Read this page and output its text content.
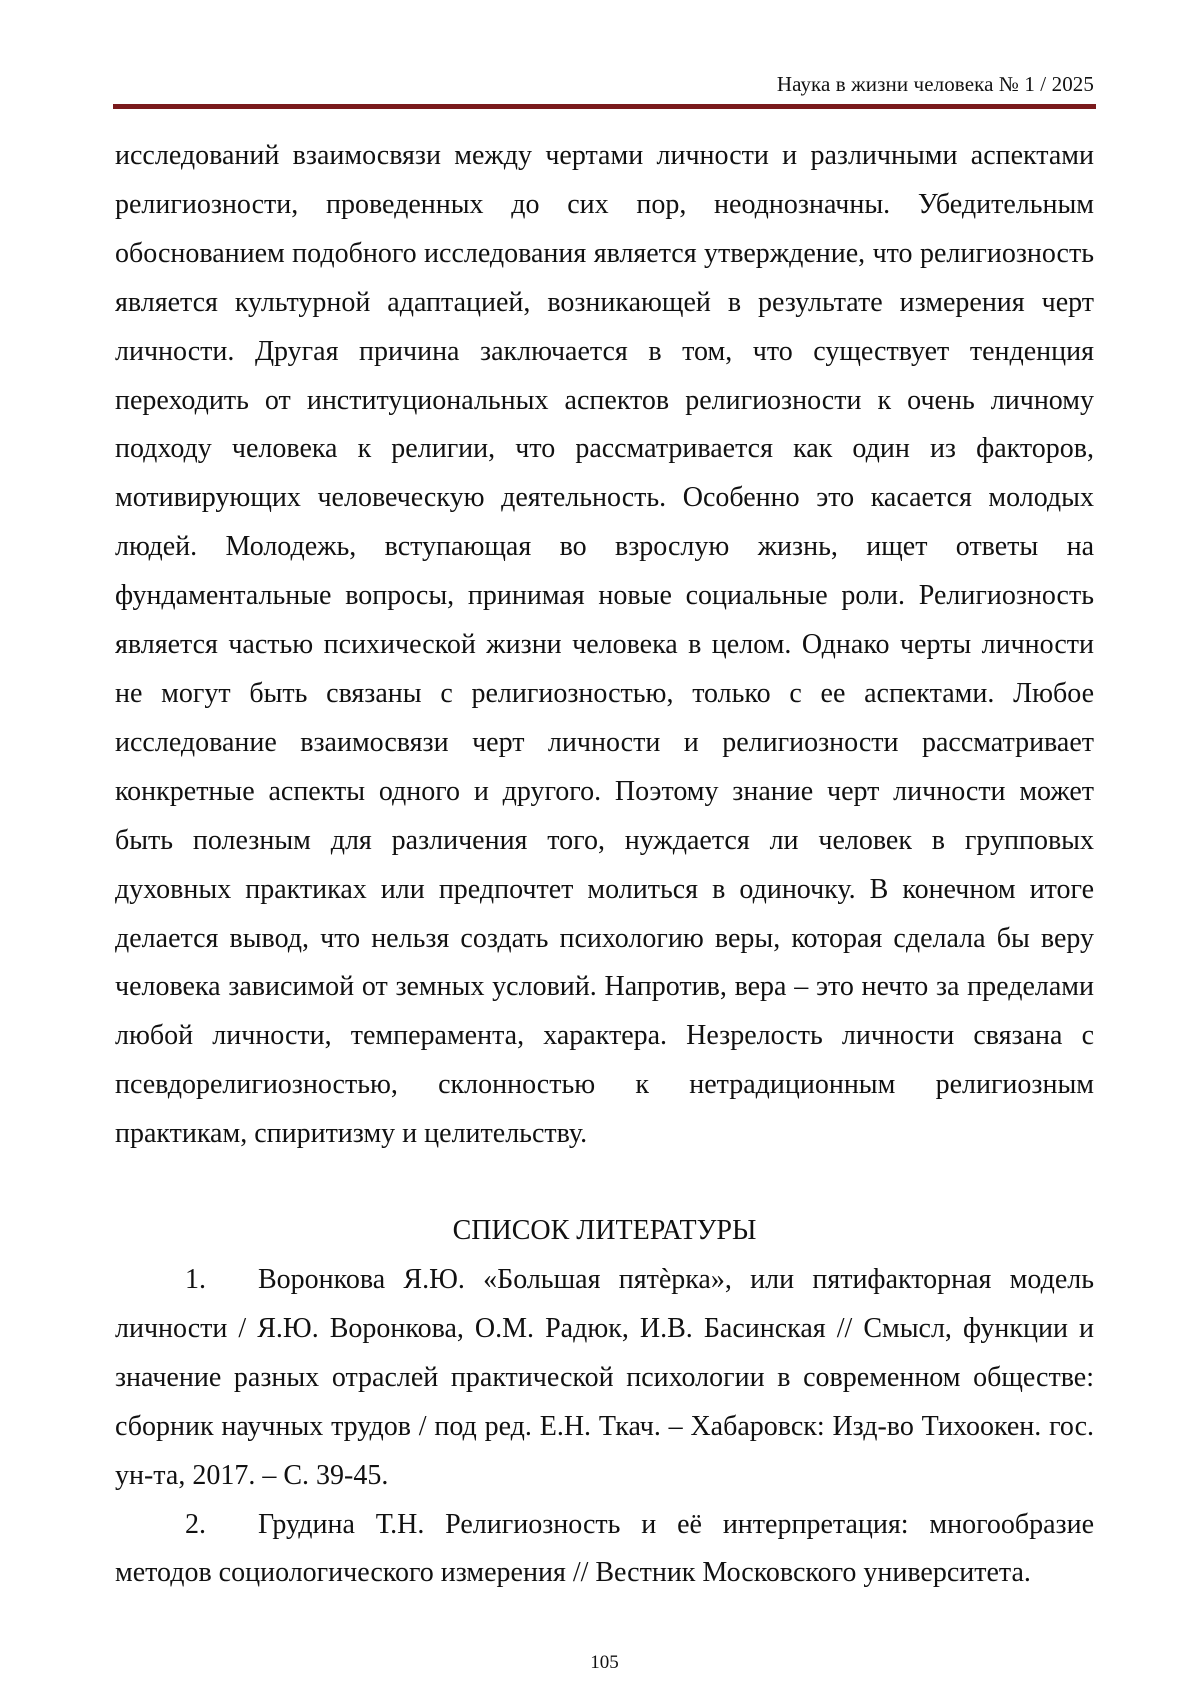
Наука в жизни человека № 1 / 2025

исследований взаимосвязи между чертами личности и различными аспектами религиозности, проведенных до сих пор, неоднозначны. Убедительным обоснованием подобного исследования является утверждение, что религиозность является культурной адаптацией, возникающей в результате измерения черт личности. Другая причина заключается в том, что существует тенденция переходить от институциональных аспектов религиозности к очень личному подходу человека к религии, что рассматривается как один из факторов, мотивирующих человеческую деятельность. Особенно это касается молодых людей. Молодежь, вступающая во взрослую жизнь, ищет ответы на фундаментальные вопросы, принимая новые социальные роли. Религиозность является частью психической жизни человека в целом. Однако черты личности не могут быть связаны с религиозностью, только с ее аспектами. Любое исследование взаимосвязи черт личности и религиозности рассматривает конкретные аспекты одного и другого. Поэтому знание черт личности может быть полезным для различения того, нуждается ли человек в групповых духовных практиках или предпочтет молиться в одиночку. В конечном итоге делается вывод, что нельзя создать психологию веры, которая сделала бы веру человека зависимой от земных условий. Напротив, вера – это нечто за пределами любой личности, темперамента, характера. Незрелость личности связана с псевдорелигиозностью, склонностью к нетрадиционным религиозным практикам, спиритизму и целительству.

СПИСОК ЛИТЕРАТУРЫ
1. Воронкова Я.Ю. «Большая пятѐрка», или пятифакторная модель личности / Я.Ю. Воронкова, О.М. Радюк, И.В. Басинская // Смысл, функции и значение разных отраслей практической психологии в современном обществе: сборник научных трудов / под ред. Е.Н. Ткач. – Хабаровск: Изд-во Тихоокен. гос. ун-та, 2017. – С. 39-45.
2. Грудина Т.Н. Религиозность и её интерпретация: многообразие методов социологического измерения // Вестник Московского университета.
105
